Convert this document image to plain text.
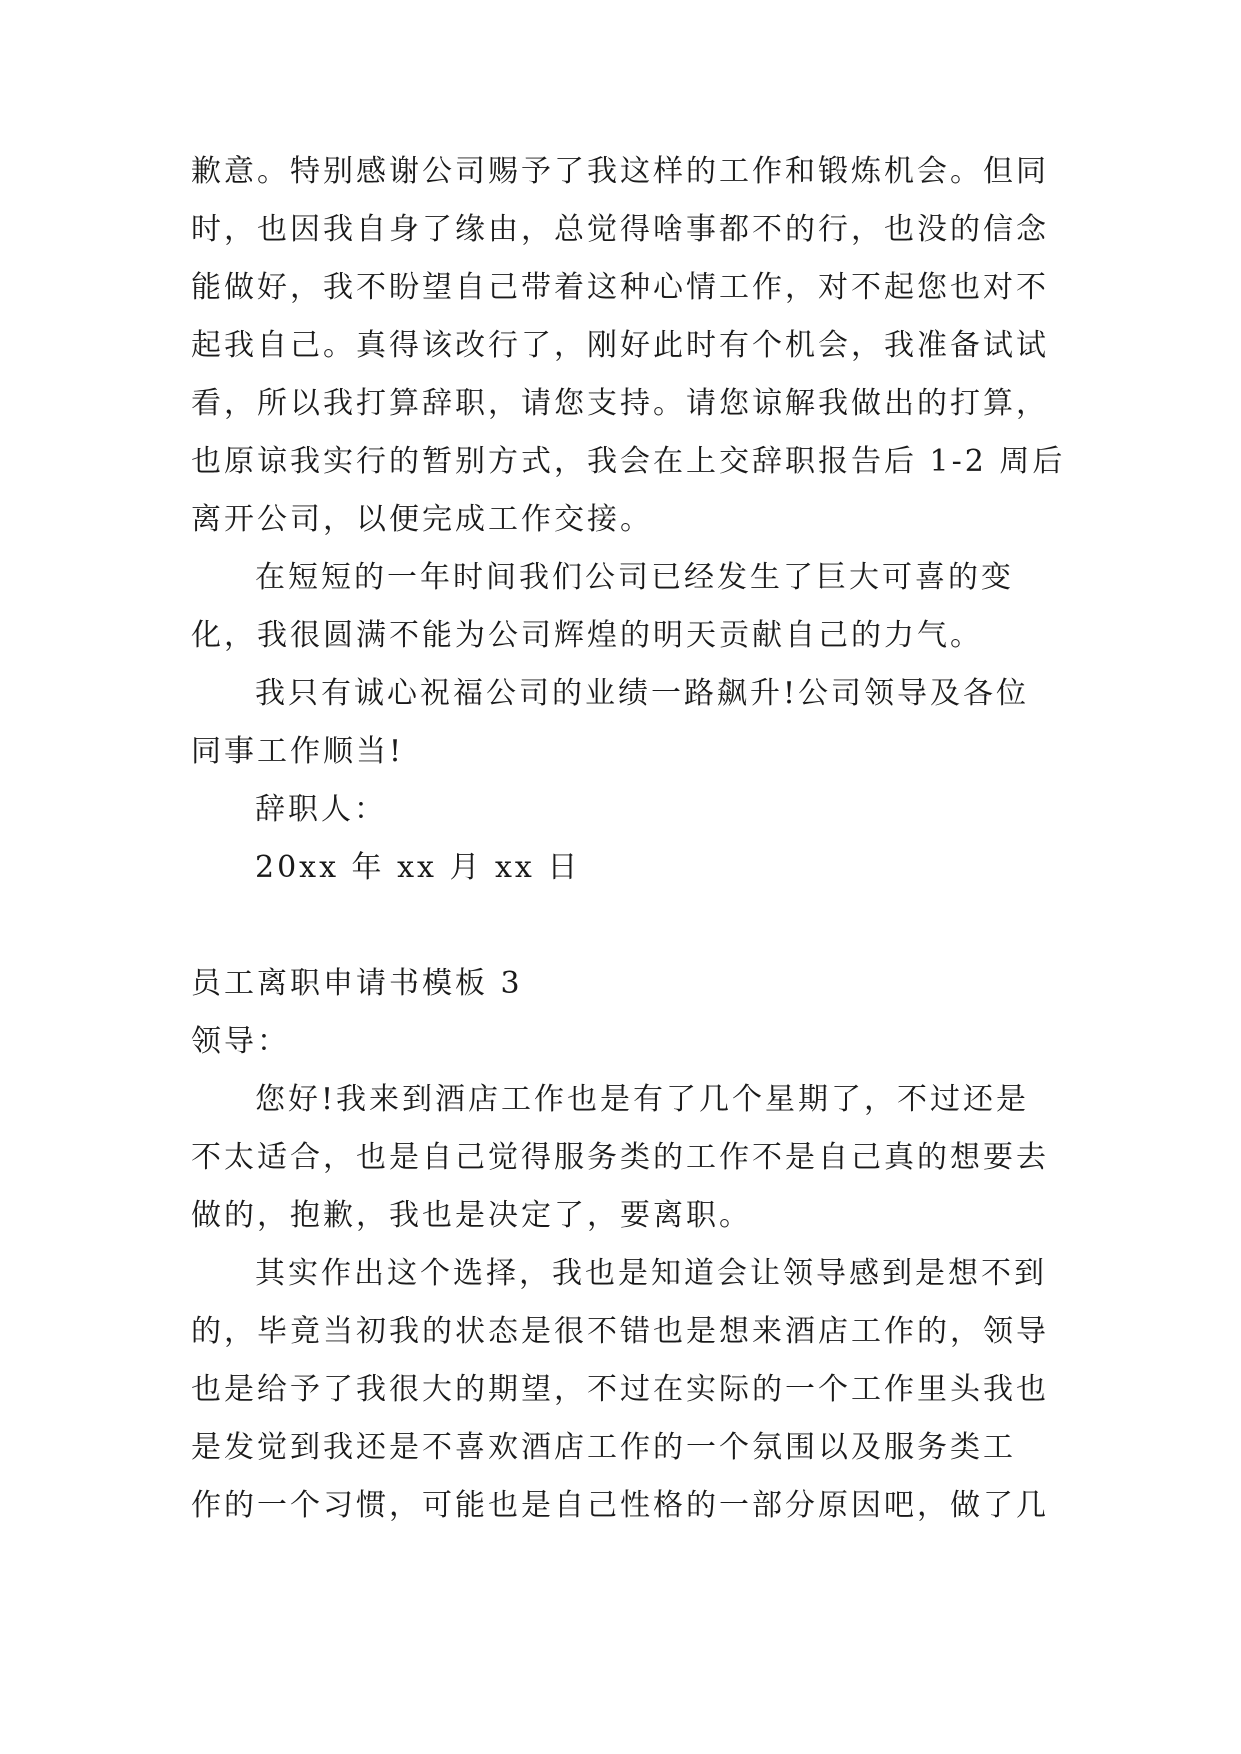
歉意。特别感谢公司赐予了我这样的工作和锻炼机会。但同
时，也因我自身了缘由，总觉得啥事都不的行，也没的信念
能做好，我不盼望自己带着这种心情工作，对不起您也对不
起我自己。真得该改行了，刚好此时有个机会，我准备试试
看，所以我打算辞职，请您支持。请您谅解我做出的打算，
也原谅我实行的暂别方式，我会在上交辞职报告后 1-2 周后
离开公司，以便完成工作交接。
在短短的一年时间我们公司已经发生了巨大可喜的变
化，我很圆满不能为公司辉煌的明天贡献自己的力气。
我只有诚心祝福公司的业绩一路飙升!公司领导及各位
同事工作顺当!
辞职人：
20xx 年 xx 月 xx 日
员工离职申请书模板 3
领导：
您好!我来到酒店工作也是有了几个星期了，不过还是
不太适合，也是自己觉得服务类的工作不是自己真的想要去
做的，抱歉，我也是决定了，要离职。
其实作出这个选择，我也是知道会让领导感到是想不到
的，毕竟当初我的状态是很不错也是想来酒店工作的，领导
也是给予了我很大的期望，不过在实际的一个工作里头我也
是发觉到我还是不喜欢酒店工作的一个氛围以及服务类工
作的一个习惯，可能也是自己性格的一部分原因吧，做了几
